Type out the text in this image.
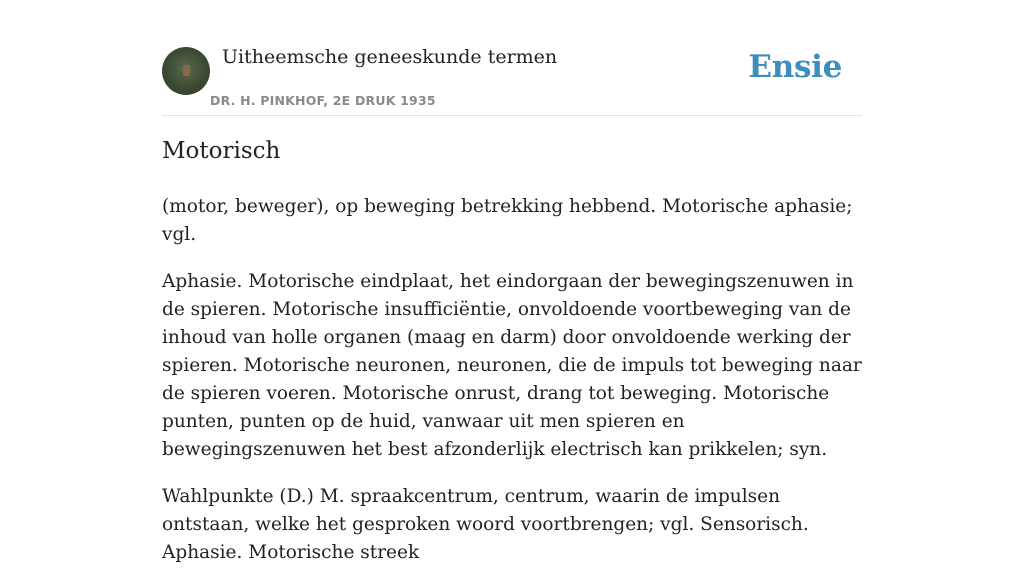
Uitheemsche geneeskunde termen
DR. H. PINKHOF, 2E DRUK 1935
Ensie
Motorisch

(motor, beweger), op beweging betrekking hebbend. Motorische aphasie; vgl.

Aphasie. Motorische eindplaat, het eindorgaan der bewegingszenuwen in de spieren. Motorische insufficiëntie, onvoldoende voortbeweging van de inhoud van holle organen (maag en darm) door onvoldoende werking der spieren. Motorische neuronen, neuronen, die de impuls tot beweging naar de spieren voeren. Motorische onrust, drang tot beweging. Motorische punten, punten op de huid, vanwaar uit men spieren en bewegingszenuwen het best afzonderlijk electrisch kan prikkelen; syn.

Wahlpunkte (D.) M. spraakcentrum, centrum, waarin de impulsen ontstaan, welke het gesproken woord voortbrengen; vgl. Sensorisch. Aphasie. Motorische streek
